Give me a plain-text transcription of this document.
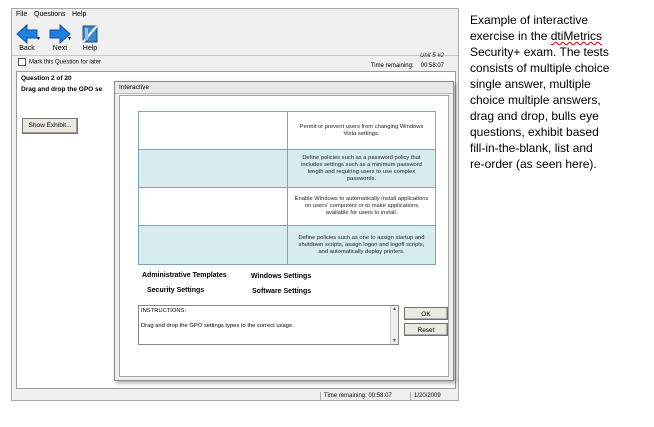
File Questions Help
Back
▾
Next
▾
Help
Mark this Question for later
Unit 5 #2
Time remaining: 00:58:07
Question 2 of 20
Drag and drop the GPO se
Show Exhibit...
Time remaining: 00:58:07	1/20/2009
Interactive
Permit or prevent users from changing Windows Vista settings.
Define policies such as a password policy that includes settings such as a minimum password length and requiring users to use complex passwords.
Enable Windows to automatically install applications on users' computers or to make applications available for users to install.
Define policies such as one to assign startup and shutdown scripts, assign logon and logoff scripts, and automatically deploy printers.
Administrative Templates	Windows Settings
Security Settings	Software Settings
INSTRUCTIONS:
Drag and drop the GPO settings types to the correct usage.
▲
▼
OK
Reset
Example of interactive
exercise in the dtiMetrics
Security+ exam. The tests
consists of multiple choice
single answer, multiple
choice multiple answers,
drag and drop, bulls eye
questions, exhibit based
fill-in-the-blank, list and
re-order (as seen here).
